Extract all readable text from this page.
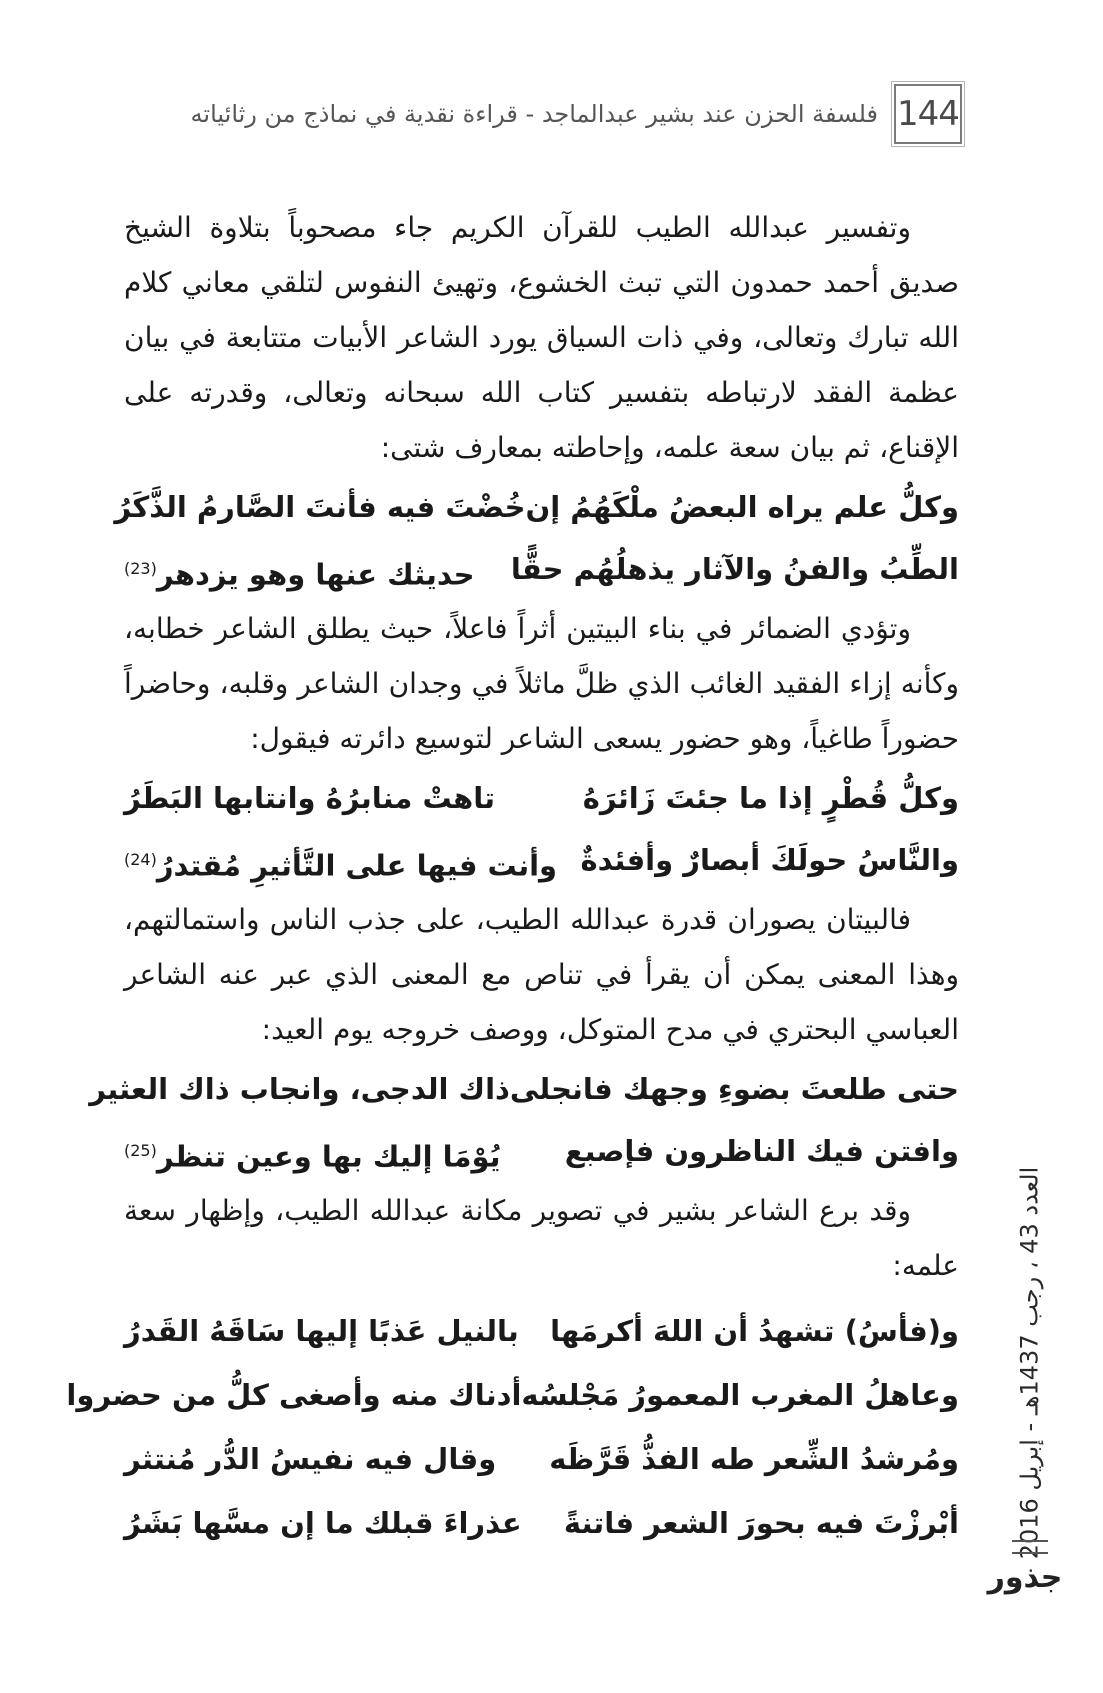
144
فلسفة الحزن عند بشير عبدالماجد - قراءة نقدية في نماذج من رثائياته

وتفسير عبدالله الطيب للقرآن الكريم جاء مصحوباً بتلاوة الشيخ صديق أحمد حمدون التي تبث الخشوع، وتهيئ النفوس لتلقي معاني كلام الله تبارك وتعالى، وفي ذات السياق يورد الشاعر الأبيات متتابعة في بيان عظمة الفقد لارتباطه بتفسير كتاب الله سبحانه وتعالى، وقدرته على الإقناع، ثم بيان سعة علمه، وإحاطته بمعارف شتى:

وكلُّ علم يراه البعضُ ملْكَهُمُ إن
خُضْتَ فيه فأنتَ الصَّارمُ الذَّكَرُ
الطِّبُ والفنُ والآثار يذهلُهُم حقًّا
حديثك عنها وهو يزدهر$^{(23)}$

وتؤدي الضمائر في بناء البيتين أثراً فاعلاً، حيث يطلق الشاعر خطابه، وكأنه إزاء الفقيد الغائب الذي ظلَّ ماثلاً في وجدان الشاعر وقلبه، وحاضراً حضوراً طاغياً، وهو حضور يسعى الشاعر لتوسيع دائرته فيقول:

وكلُّ قُطْرٍ إذا ما جئتَ زَائرَهُ
تاهتْ منابرُهُ وانتابها البَطَرُ
والنَّاسُ حولَكَ أبصارٌ وأفئدةٌ
وأنت فيها على التَّأثيرِ مُقتدرُ$^{(24)}$

فالبيتان يصوران قدرة عبدالله الطيب، على جذب الناس واستمالتهم، وهذا المعنى يمكن أن يقرأ في تناص مع المعنى الذي عبر عنه الشاعر العباسي البحتري في مدح المتوكل، ووصف خروجه يوم العيد:

حتى طلعتَ بضوءِ وجهك فانجلى
ذاك الدجى، وانجاب ذاك العثير
وافتن فيك الناظرون فإصبع
يُوْمَا إليك بها وعين تنظر$^{(25)}$

وقد برع الشاعر بشير في تصوير مكانة عبدالله الطيب، وإظهار سعة علمه:

و(فأسُ) تشهدُ أن اللهَ أكرمَها
بالنيل عَذبًا إليها سَاقَهُ القَدرُ
وعاهلُ المغرب المعمورُ مَجْلسُه
أدناك منه وأصغى كلُّ من حضروا
ومُرشدُ الشِّعر طه الفذُّ قَرَّظَه
وقال فيه نفيسُ الدُّر مُنتثر
أبْرزْتَ فيه بحورَ الشعر فاتنةً
عذراءَ قبلك ما إن مسَّها بَشَرُ	العدد 43 ، رجب 1437هـ - إبريل 2016
جذور
